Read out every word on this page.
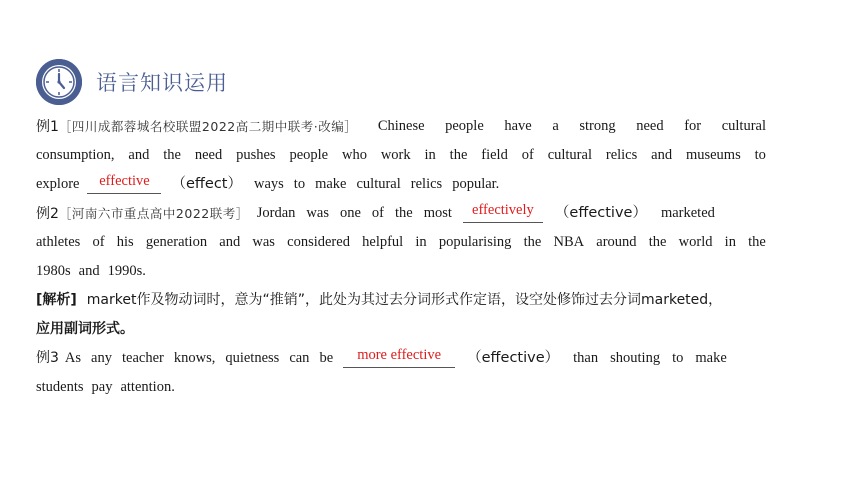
语言知识运用
例1［四川成都蓉城名校联盟2022高二期中联考·改编］ Chinese people have a strong need for cultural
consumption, and the need pushes people who work in the field of cultural relics and museums to
explore	effective	（effect） ways to make cultural relics popular.
例2［河南六市重点高中2022联考］ Jordan was one of the most	effectively	（effective） marketed
athletes of his generation and was considered helpful in popularising the NBA around the world in the
1980s and 1990s.
[解析] market作及物动词时，意为“推销”，此处为其过去分词形式作定语，设空处修饰过去分词marketed，
应用副词形式。
例3 As any teacher knows, quietness can be	more effective	（effective） than shouting to make
students pay attention.
